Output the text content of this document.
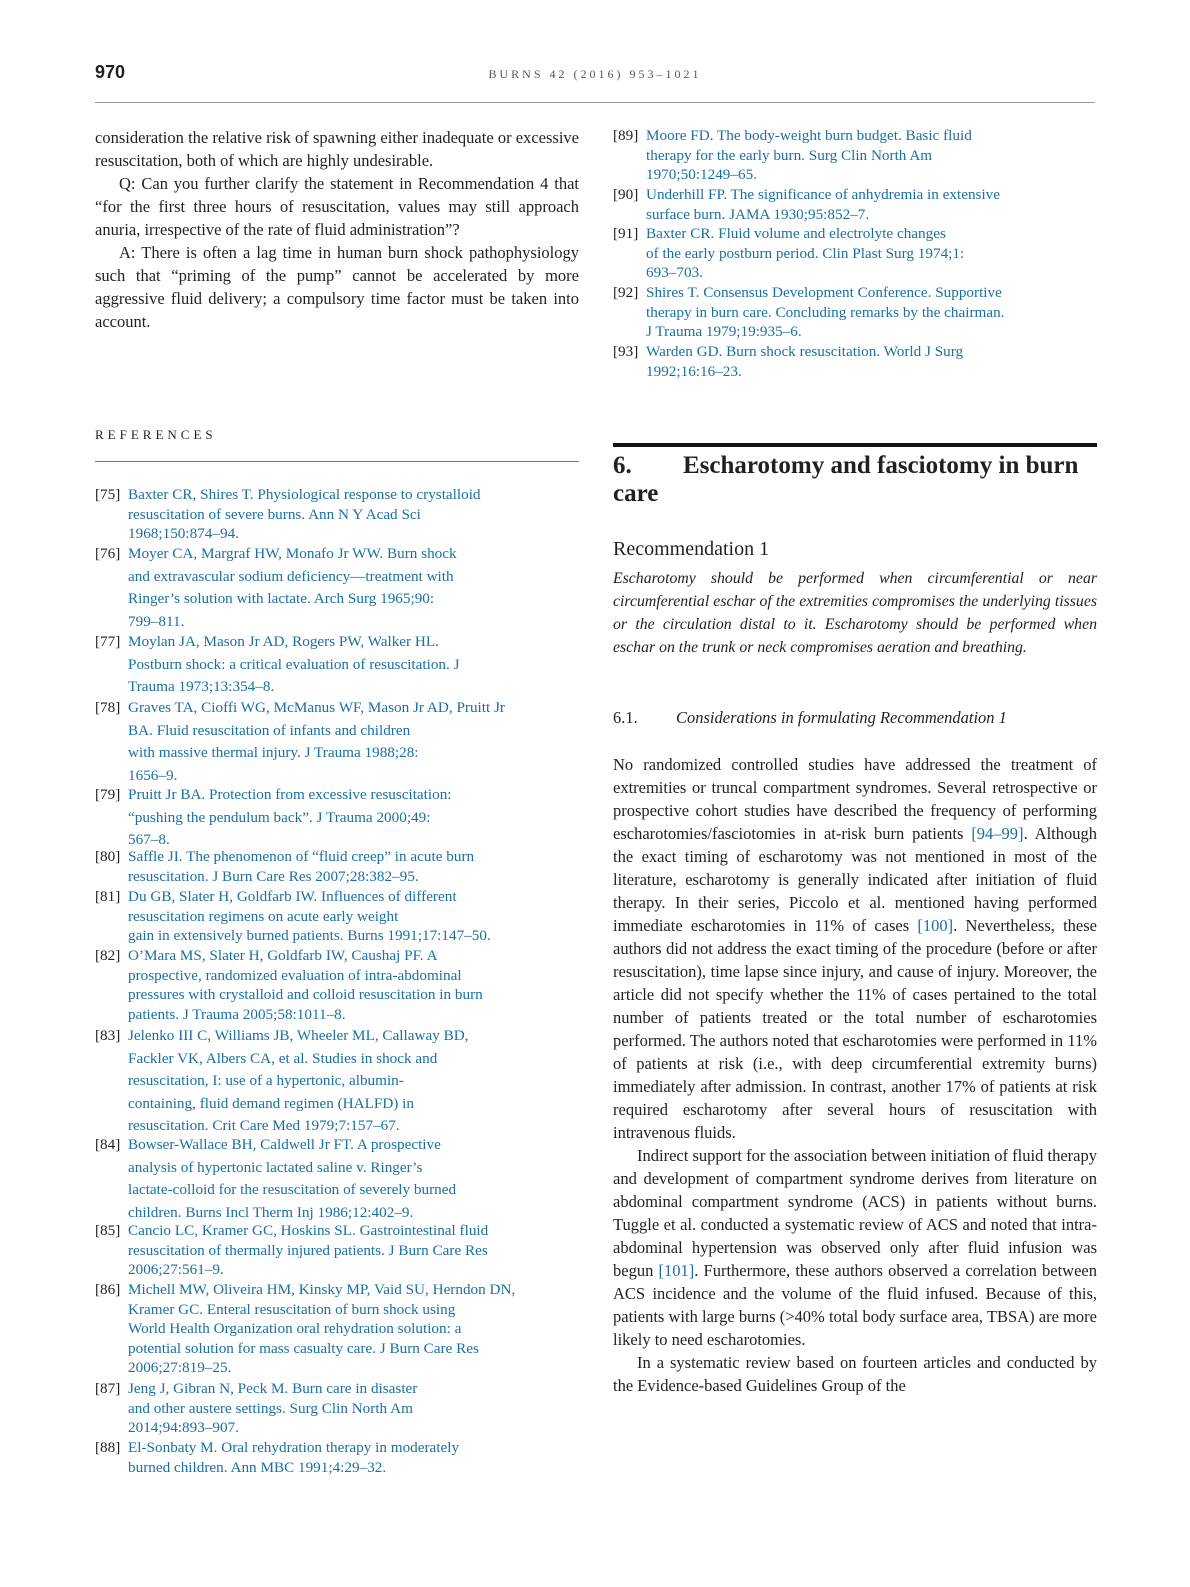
970	BURNS 42 (2016) 953–1021

consideration the relative risk of spawning either inadequate or excessive resuscitation, both of which are highly undesirable.

Q: Can you further clarify the statement in Recommendation 4 that “for the first three hours of resuscitation, values may still approach anuria, irrespective of the rate of fluid administration”?

A: There is often a lag time in human burn shock pathophysiology such that “priming of the pump” cannot be accelerated by more aggressive fluid delivery; a compulsory time factor must be taken into account.

REFERENCES
[75] Baxter CR, Shires T. Physiological response to crystalloid
resuscitation of severe burns. Ann N Y Acad Sci
1968;150:874–94.
[76] Moyer CA, Margraf HW, Monafo Jr WW. Burn shock
and extravascular sodium deficiency—treatment with
Ringer’s solution with lactate. Arch Surg 1965;90:
799–811.
[77] Moylan JA, Mason Jr AD, Rogers PW, Walker HL.
Postburn shock: a critical evaluation of resuscitation. J
Trauma 1973;13:354–8.
[78] Graves TA, Cioffi WG, McManus WF, Mason Jr AD, Pruitt Jr
BA. Fluid resuscitation of infants and children
with massive thermal injury. J Trauma 1988;28:
1656–9.
[79] Pruitt Jr BA. Protection from excessive resuscitation:
“pushing the pendulum back”. J Trauma 2000;49:
567–8.
[80] Saffle JI. The phenomenon of “fluid creep” in acute burn
resuscitation. J Burn Care Res 2007;28:382–95.
[81] Du GB, Slater H, Goldfarb IW. Influences of different
resuscitation regimens on acute early weight
gain in extensively burned patients. Burns 1991;17:147–50.
[82] O’Mara MS, Slater H, Goldfarb IW, Caushaj PF. A
prospective, randomized evaluation of intra-abdominal
pressures with crystalloid and colloid resuscitation in burn
patients. J Trauma 2005;58:1011–8.
[83] Jelenko III C, Williams JB, Wheeler ML, Callaway BD,
Fackler VK, Albers CA, et al. Studies in shock and
resuscitation, I: use of a hypertonic, albumin-
containing, fluid demand regimen (HALFD) in
resuscitation. Crit Care Med 1979;7:157–67.
[84] Bowser-Wallace BH, Caldwell Jr FT. A prospective
analysis of hypertonic lactated saline v. Ringer’s
lactate-colloid for the resuscitation of severely burned
children. Burns Incl Therm Inj 1986;12:402–9.
[85] Cancio LC, Kramer GC, Hoskins SL. Gastrointestinal fluid
resuscitation of thermally injured patients. J Burn Care Res
2006;27:561–9.
[86] Michell MW, Oliveira HM, Kinsky MP, Vaid SU, Herndon DN,
Kramer GC. Enteral resuscitation of burn shock using
World Health Organization oral rehydration solution: a
potential solution for mass casualty care. J Burn Care Res
2006;27:819–25.
[87] Jeng J, Gibran N, Peck M. Burn care in disaster
and other austere settings. Surg Clin North Am
2014;94:893–907.
[88] El-Sonbaty M. Oral rehydration therapy in moderately
burned children. Ann MBC 1991;4:29–32.
[89] Moore FD. The body-weight burn budget. Basic fluid
therapy for the early burn. Surg Clin North Am
1970;50:1249–65.
[90] Underhill FP. The significance of anhydremia in extensive
surface burn. JAMA 1930;95:852–7.
[91] Baxter CR. Fluid volume and electrolyte changes
of the early postburn period. Clin Plast Surg 1974;1:
693–703.
[92] Shires T. Consensus Development Conference. Supportive
therapy in burn care. Concluding remarks by the chairman.
J Trauma 1979;19:935–6.
[93] Warden GD. Burn shock resuscitation. World J Surg
1992;16:16–23.
6. Escharotomy and fasciotomy in burn care
Recommendation 1
Escharotomy should be performed when circumferential or near circumferential eschar of the extremities compromises the underlying tissues or the circulation distal to it. Escharotomy should be performed when eschar on the trunk or neck compromises aeration and breathing.
6.1. Considerations in formulating Recommendation 1

No randomized controlled studies have addressed the treatment of extremities or truncal compartment syndromes. Several retrospective or prospective cohort studies have described the frequency of performing escharotomies/fasciotomies in at-risk burn patients [94–99]. Although the exact timing of escharotomy was not mentioned in most of the literature, escharotomy is generally indicated after initiation of fluid therapy. In their series, Piccolo et al. mentioned having performed immediate escharotomies in 11% of cases [100]. Nevertheless, these authors did not address the exact timing of the procedure (before or after resuscitation), time lapse since injury, and cause of injury. Moreover, the article did not specify whether the 11% of cases pertained to the total number of patients treated or the total number of escharotomies performed. The authors noted that escharotomies were performed in 11% of patients at risk (i.e., with deep circumferential extremity burns) immediately after admission. In contrast, another 17% of patients at risk required escharotomy after several hours of resuscitation with intravenous fluids.

Indirect support for the association between initiation of fluid therapy and development of compartment syndrome derives from literature on abdominal compartment syndrome (ACS) in patients without burns. Tuggle et al. conducted a systematic review of ACS and noted that intra-abdominal hypertension was observed only after fluid infusion was begun [101]. Furthermore, these authors observed a correlation between ACS incidence and the volume of the fluid infused. Because of this, patients with large burns (>40% total body surface area, TBSA) are more likely to need escharotomies.

In a systematic review based on fourteen articles and conducted by the Evidence-based Guidelines Group of the
